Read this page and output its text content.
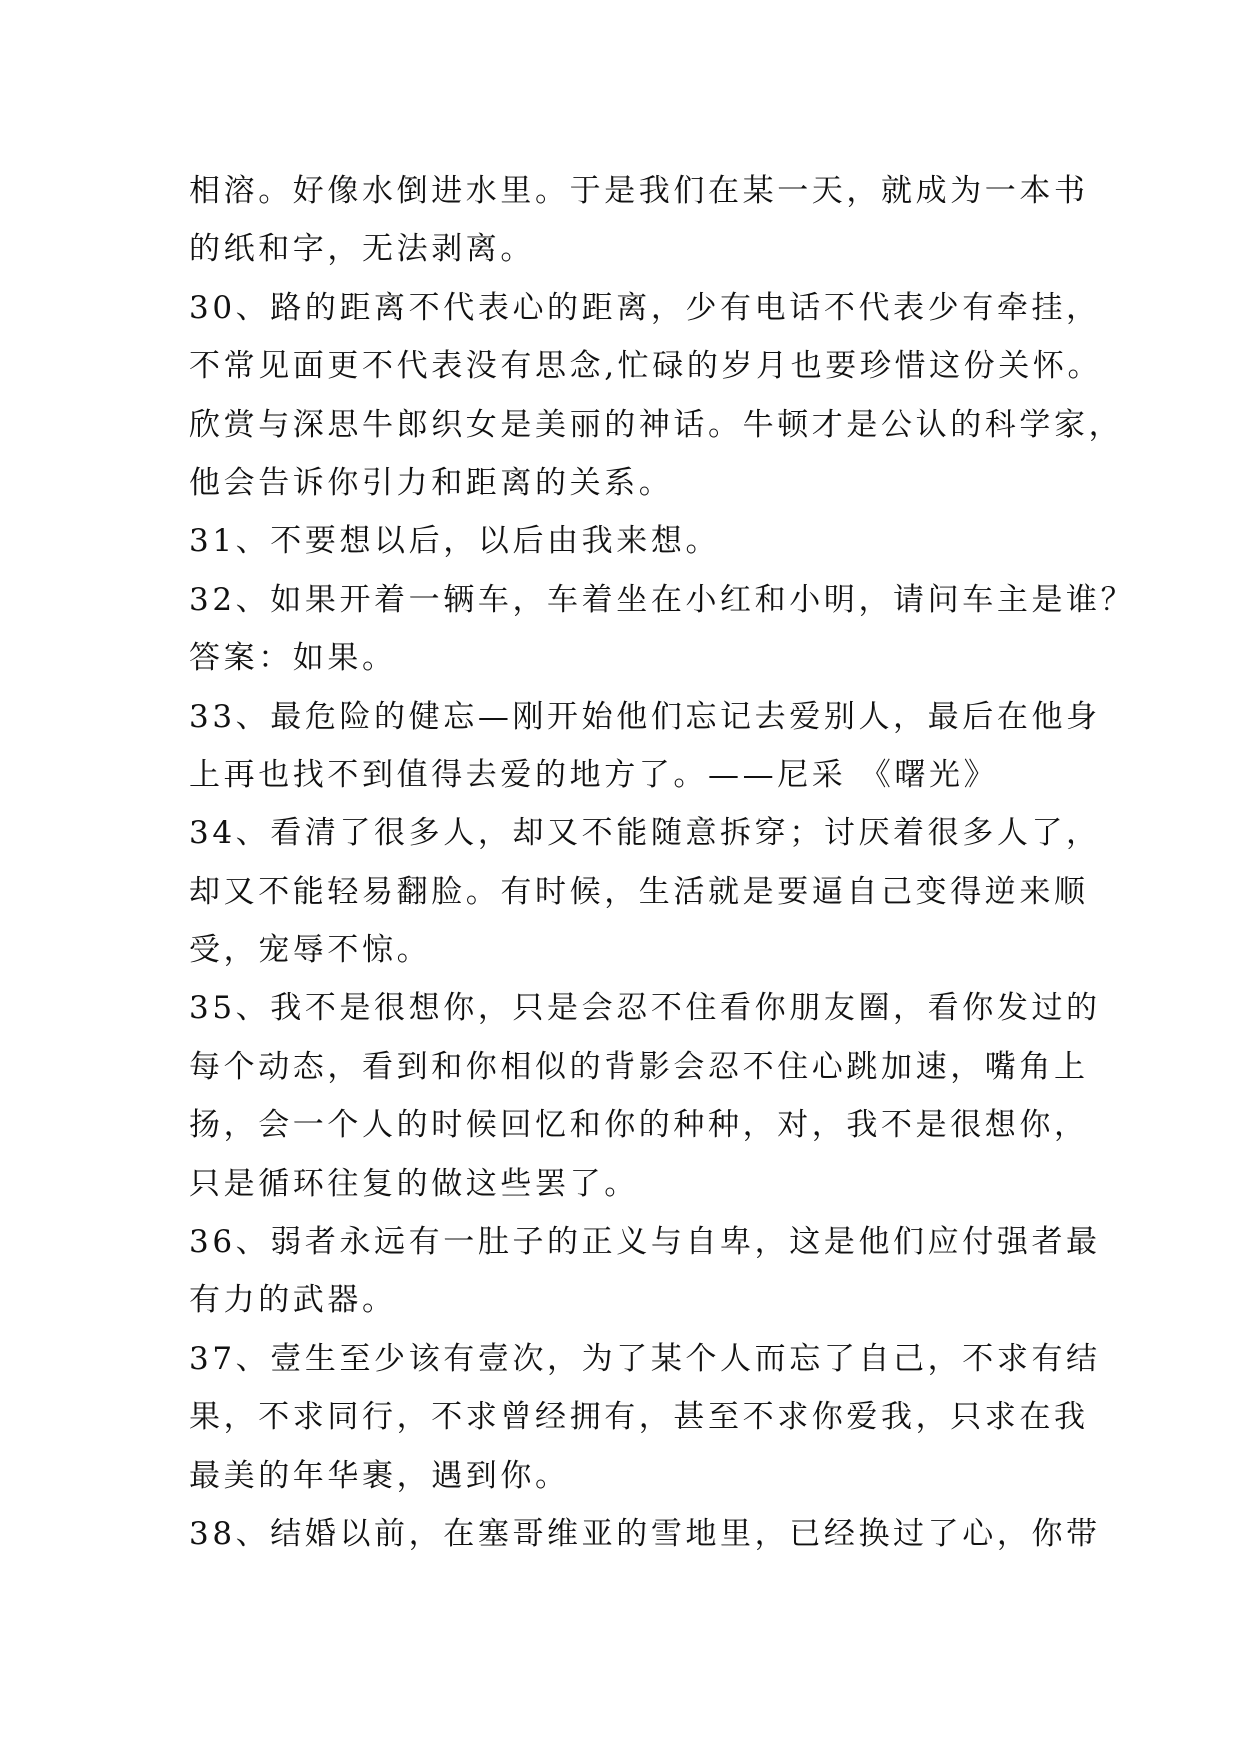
相溶。好像水倒进水里。于是我们在某一天，就成为一本书
的纸和字，无法剥离。
30、路的距离不代表心的距离，少有电话不代表少有牵挂，
不常见面更不代表没有思念,忙碌的岁月也要珍惜这份关怀。
欣赏与深思牛郎织女是美丽的神话。牛顿才是公认的科学家，
他会告诉你引力和距离的关系。
31、不要想以后，以后由我来想。
32、如果开着一辆车，车着坐在小红和小明，请问车主是谁？
答案：如果。
33、最危险的健忘—刚开始他们忘记去爱别人，最后在他身
上再也找不到值得去爱的地方了。——尼采 《曙光》
34、看清了很多人，却又不能随意拆穿；讨厌着很多人了，
却又不能轻易翻脸。有时候，生活就是要逼自己变得逆来顺
受，宠辱不惊。
35、我不是很想你，只是会忍不住看你朋友圈，看你发过的
每个动态，看到和你相似的背影会忍不住心跳加速，嘴角上
扬，会一个人的时候回忆和你的种种，对，我不是很想你，
只是循环往复的做这些罢了。
36、弱者永远有一肚子的正义与自卑，这是他们应付强者最
有力的武器。
37、壹生至少该有壹次，为了某个人而忘了自己，不求有结
果，不求同行，不求曾经拥有，甚至不求你爱我，只求在我
最美的年华裹，遇到你。
38、结婚以前，在塞哥维亚的雪地里，已经换过了心，你带
